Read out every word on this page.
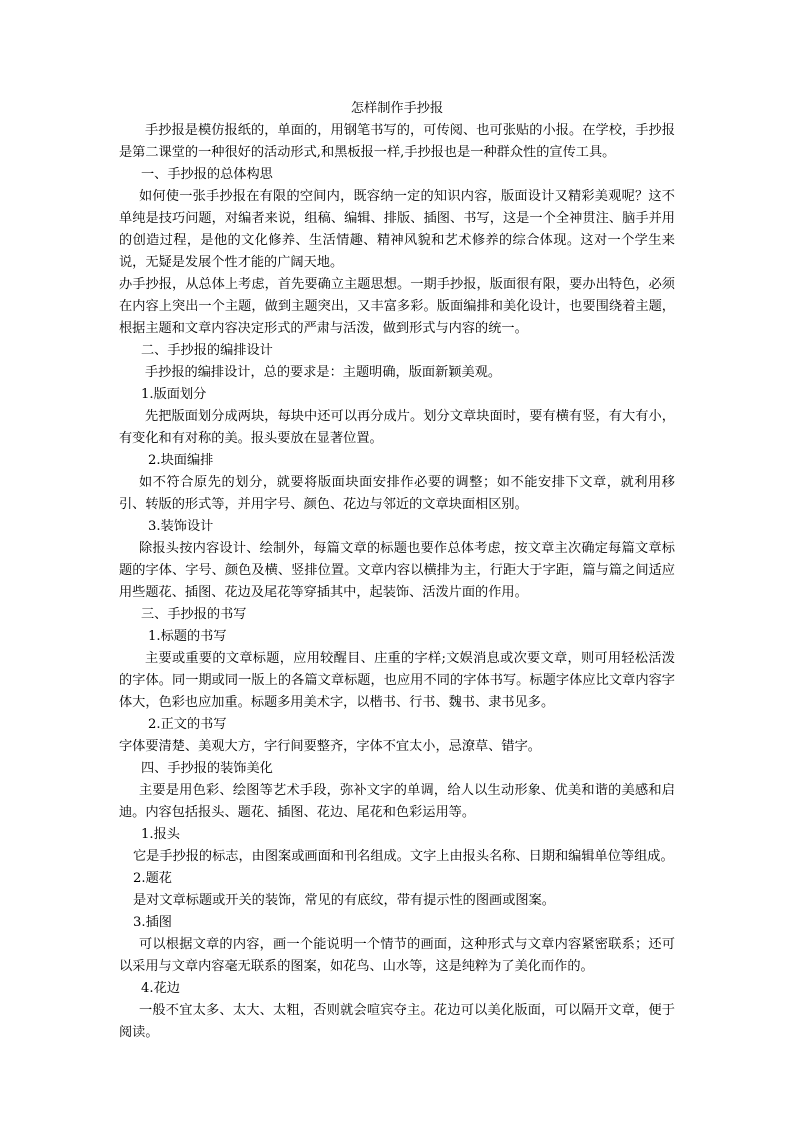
怎样制作手抄报

手抄报是模仿报纸的，单面的，用钢笔书写的，可传阅、也可张贴的小报。在学校，手抄报是第二课堂的一种很好的活动形式,和黑板报一样,手抄报也是一种群众性的宣传工具。

一、手抄报的总体构思

如何使一张手抄报在有限的空间内，既容纳一定的知识内容，版面设计又精彩美观呢？这不单纯是技巧问题，对编者来说，组稿、编辑、排版、插图、书写，这是一个全神贯注、脑手并用的创造过程，是他的文化修养、生活情趣、精神风貌和艺术修养的综合体现。这对一个学生来说，无疑是发展个性才能的广阔天地。

办手抄报，从总体上考虑，首先要确立主题思想。一期手抄报，版面很有限，要办出特色，必须在内容上突出一个主题，做到主题突出，又丰富多彩。版面编排和美化设计，也要围绕着主题，根据主题和文章内容决定形式的严肃与活泼，做到形式与内容的统一。

二、手抄报的编排设计

手抄报的编排设计，总的要求是：主题明确，版面新颖美观。

1.版面划分

先把版面划分成两块，每块中还可以再分成片。划分文章块面时，要有横有竖，有大有小，有变化和有对称的美。报头要放在显著位置。

2.块面编排

如不符合原先的划分，就要将版面块面安排作必要的调整；如不能安排下文章，就利用移引、转版的形式等，并用字号、颜色、花边与邻近的文章块面相区别。

3.装饰设计

除报头按内容设计、绘制外，每篇文章的标题也要作总体考虑，按文章主次确定每篇文章标题的字体、字号、颜色及横、竖排位置。文章内容以横排为主，行距大于字距，篇与篇之间适应用些题花、插图、花边及尾花等穿插其中，起装饰、活泼片面的作用。

三、手抄报的书写

1.标题的书写

主要或重要的文章标题，应用较醒目、庄重的字样;文娱消息或次要文章，则可用轻松活泼的字体。同一期或同一版上的各篇文章标题，也应用不同的字体书写。标题字体应比文章内容字体大，色彩也应加重。标题多用美术字，以楷书、行书、魏书、隶书见多。

2.正文的书写

字体要清楚、美观大方，字行间要整齐，字体不宜太小，忌潦草、错字。

四、手抄报的装饰美化

主要是用色彩、绘图等艺术手段，弥补文字的单调，给人以生动形象、优美和谐的美感和启迪。内容包括报头、题花、插图、花边、尾花和色彩运用等。

1.报头

它是手抄报的标志，由图案或画面和刊名组成。文字上由报头名称、日期和编辑单位等组成。

2.题花

是对文章标题或开关的装饰，常见的有底纹，带有提示性的图画或图案。

3.插图

可以根据文章的内容，画一个能说明一个情节的画面，这种形式与文章内容紧密联系；还可以采用与文章内容毫无联系的图案，如花鸟、山水等，这是纯粹为了美化而作的。

4.花边

一般不宜太多、太大、太粗，否则就会喧宾夺主。花边可以美化版面，可以隔开文章，便于阅读。
